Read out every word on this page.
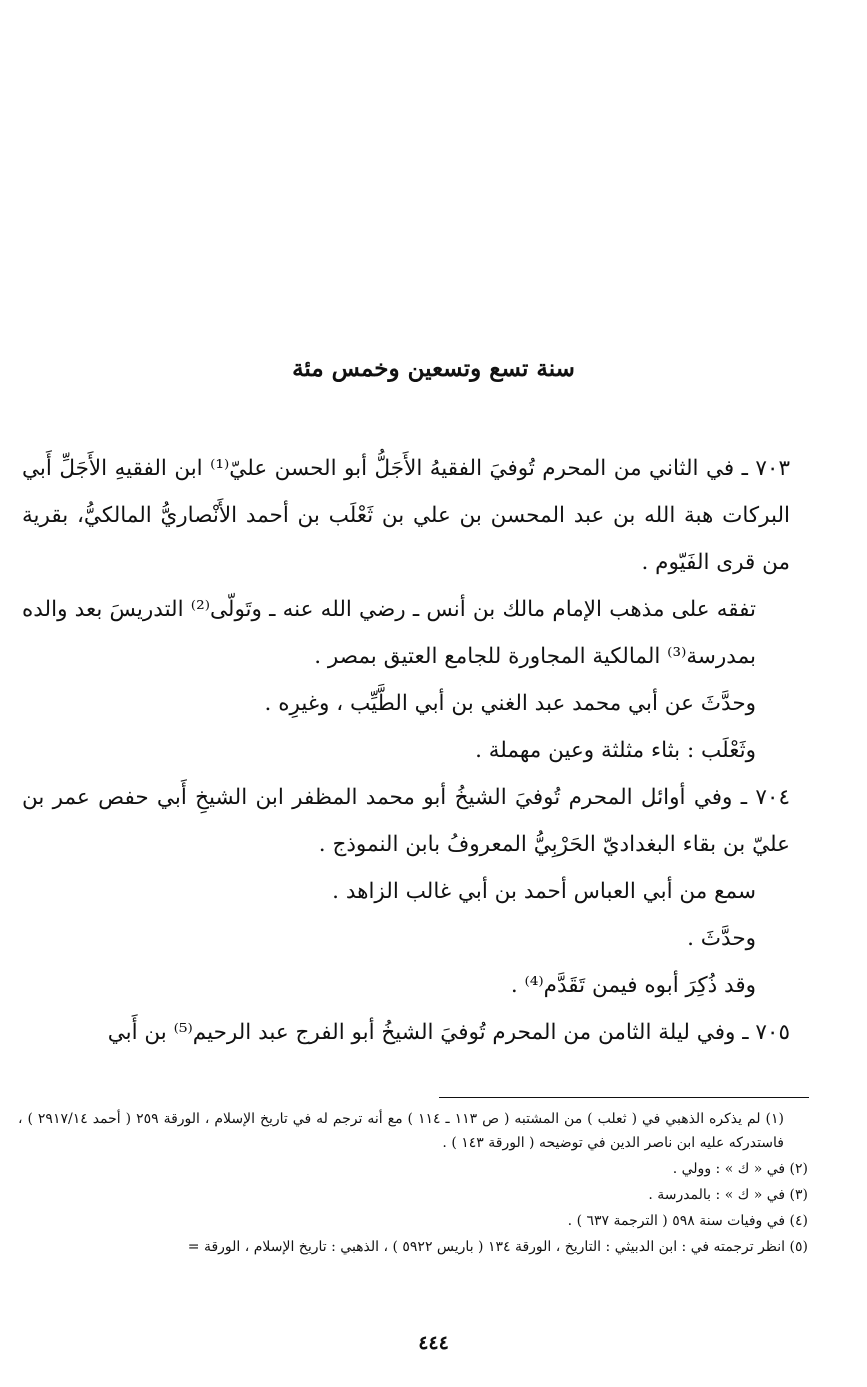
سنة تسع وتسعين وخمس مئة

٧٠٣ ـ في الثاني من المحرم تُوفيَ الفقيهُ الأَجَلُّ أبو الحسن عليّ⁽¹⁾ ابن الفقيهِ الأَجَلِّ أَبي البركات هبة الله بن عبد المحسن بن علي بن ثَعْلَب بن أحمد الأَنْصاريُّ المالكيُّ، بقرية من قرى الفَيّوم .

تفقه على مذهب الإمام مالك بن أنس ـ رضي الله عنه ـ وتَولّى⁽²⁾ التدريسَ بعد والده بمدرسة⁽³⁾ المالكية المجاورة للجامع العتيق بمصر .

وحدَّثَ عن أبي محمد عبد الغني بن أبي الطَّيِّب ، وغيرِه .

وثَعْلَب : بثاء مثلثة وعين مهملة .

٧٠٤ ـ وفي أوائل المحرم تُوفيَ الشيخُ أبو محمد المظفر ابن الشيخِ أَبي حفص عمر بن عليّ بن بقاء البغداديّ الحَرْبِيُّ المعروفُ بابن النموذج .

سمع من أبي العباس أحمد بن أبي غالب الزاهد .

وحدَّثَ .

وقد ذُكِرَ أبوه فيمن تَقَدَّم⁽⁴⁾ .

٧٠٥ ـ وفي ليلة الثامن من المحرم تُوفيَ الشيخُ أبو الفرج عبد الرحيم⁽⁵⁾ بن أَبي

(١) لم يذكره الذهبي في ( ثعلب ) من المشتبه ( ص ١١٣ ـ ١١٤ ) مع أنه ترجم له في تاريخ الإسلام ، الورقة ٢٥٩ ( أحمد ٢٩١٧/١٤ ) ، فاستدركه عليه ابن ناصر الدين في توضيحه ( الورقة ١٤٣ ) .

(٢) في « ك » : وولي .

(٣) في « ك » : بالمدرسة .

(٤) في وفيات سنة ٥٩٨ ( الترجمة ٦٣٧ ) .

(٥) انظر ترجمته في : ابن الدبيثي : التاريخ ، الورقة ١٣٤ ( باريس ٥٩٢٢ ) ، الذهبي : تاريخ الإسلام ، الورقة =

٤٤٤
